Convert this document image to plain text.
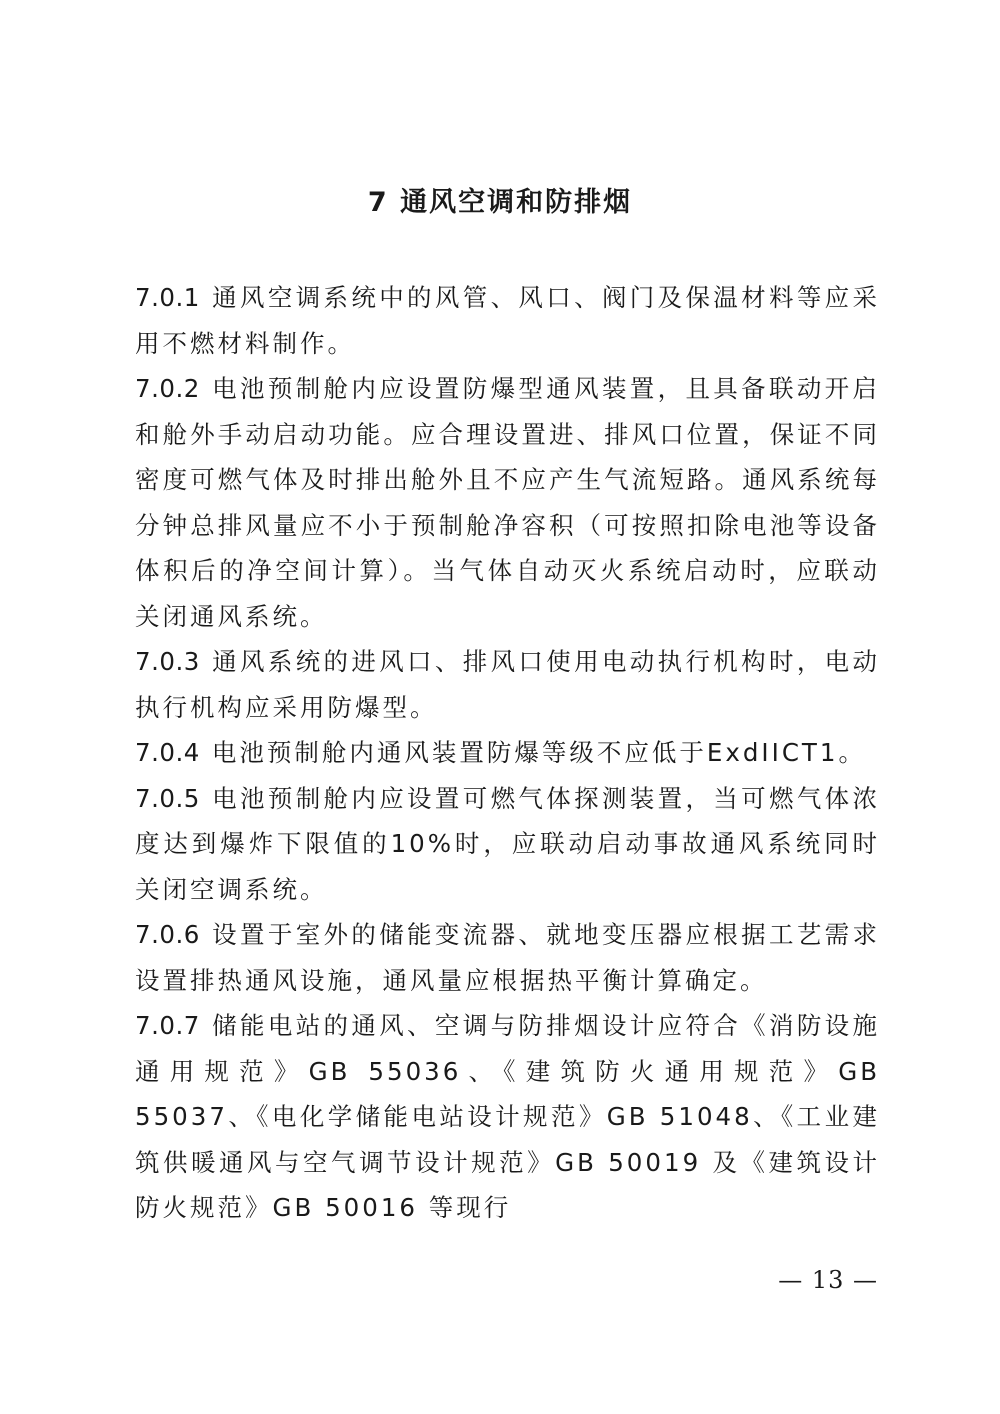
7 通风空调和防排烟

7.0.1 通风空调系统中的风管、风口、阀门及保温材料等应采用不燃材料制作。

7.0.2 电池预制舱内应设置防爆型通风装置，且具备联动开启和舱外手动启动功能。应合理设置进、排风口位置，保证不同密度可燃气体及时排出舱外且不应产生气流短路。通风系统每分钟总排风量应不小于预制舱净容积（可按照扣除电池等设备体积后的净空间计算）。当气体自动灭火系统启动时，应联动关闭通风系统。

7.0.3 通风系统的进风口、排风口使用电动执行机构时，电动执行机构应采用防爆型。

7.0.4 电池预制舱内通风装置防爆等级不应低于ExdIICT1。

7.0.5 电池预制舱内应设置可燃气体探测装置，当可燃气体浓度达到爆炸下限值的10%时，应联动启动事故通风系统同时关闭空调系统。

7.0.6 设置于室外的储能变流器、就地变压器应根据工艺需求设置排热通风设施，通风量应根据热平衡计算确定。

7.0.7 储能电站的通风、空调与防排烟设计应符合《消防设施通用规范》GB 55036、《建筑防火通用规范》GB 55037、《电化学储能电站设计规范》GB 51048、《工业建筑供暖通风与空气调节设计规范》GB 50019 及《建筑设计防火规范》GB 50016 等现行

— 13 —
